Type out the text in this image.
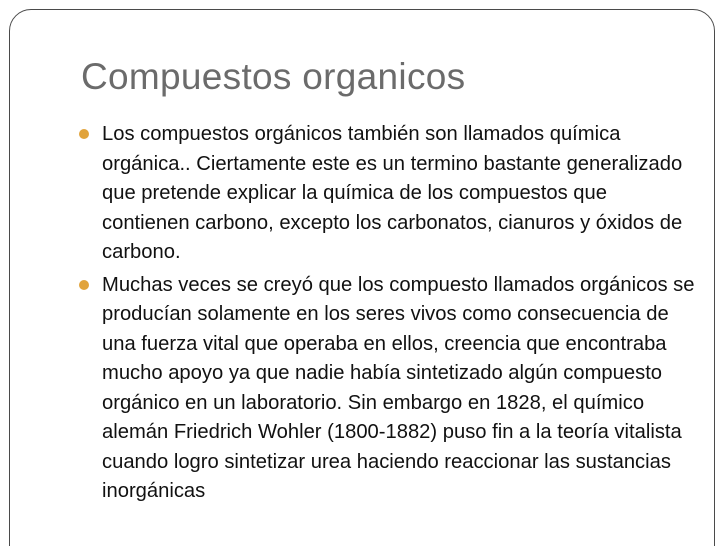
Compuestos organicos
Los compuestos orgánicos también son llamados química orgánica.. Ciertamente este es un termino bastante generalizado que pretende explicar la química de los compuestos que contienen carbono, excepto los carbonatos, cianuros y óxidos de carbono.
Muchas veces se creyó que los compuesto llamados orgánicos se producían solamente en los seres vivos como consecuencia de una fuerza vital que operaba en ellos, creencia que encontraba mucho apoyo ya que nadie había sintetizado algún compuesto orgánico en un laboratorio. Sin embargo en 1828, el químico alemán Friedrich Wohler (1800-1882) puso fin a la teoría vitalista cuando logro sintetizar urea haciendo reaccionar las sustancias inorgánicas
